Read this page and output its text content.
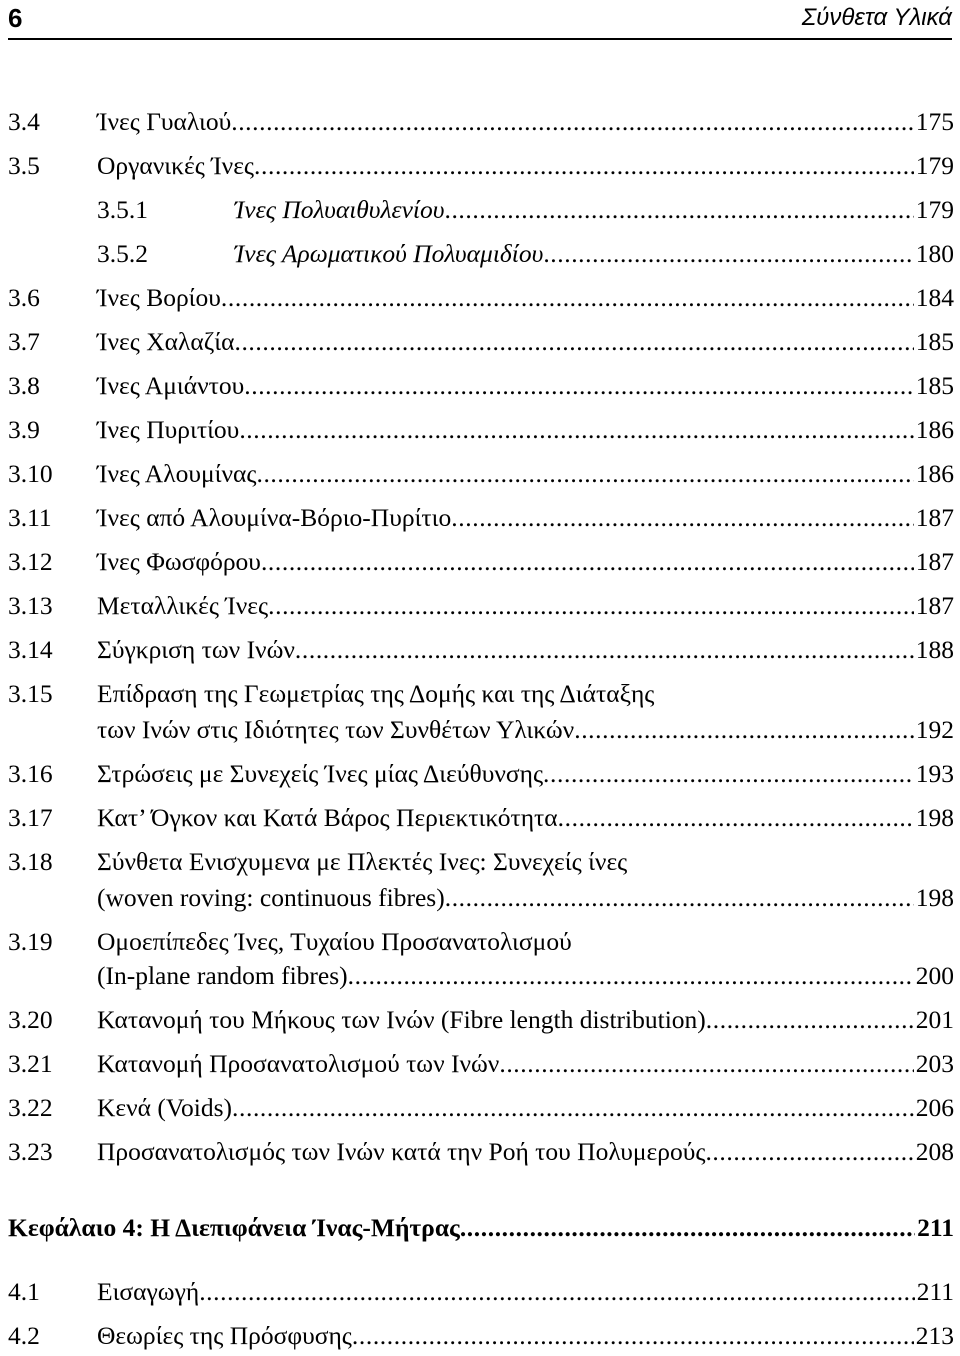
6	Σύνθετα Υλικά
3.4	Ίνες Γυαλιού .....	175
3.5	Οργανικές Ίνες .....	179
3.5.1	Ίνες Πολυαιθυλενίου .....	179
3.5.2	Ίνες Αρωματικού Πολυαμιδίου .....	180
3.6	Ίνες Βορίου .....	184
3.7	Ίνες Χαλαζία .....	185
3.8	Ίνες Αμιάντου .....	185
3.9	Ίνες Πυριτίου .....	186
3.10	Ίνες Αλουμίνας .....	186
3.11	Ίνες από Αλουμίνα-Βόριο-Πυρίτιο .....	187
3.12	Ίνες Φωσφόρου .....	187
3.13	Μεταλλικές Ίνες .....	187
3.14	Σύγκριση των Ινών .....	188
3.15	Επίδραση της Γεωμετρίας της Δομής και της Διάταξης
των Ινών στις Ιδιότητες των Συνθέτων Υλικών .....	192
3.16	Στρώσεις με Συνεχείς Ίνες μίας Διεύθυνσης .....	193
3.17	Κατ’ Όγκον και Κατά Βάρος Περιεκτικότητα .....	198
3.18	Σύνθετα Ενισχυμενα με Πλεκτές Ινες: Συνεχείς ίνες
(woven roving: continuous fibres) .....	198
3.19	Ομοεπίπεδες Ίνες, Τυχαίου Προσανατολισμού
(In-plane random fibres) .....	200
3.20	Κατανομή του Μήκους των Ινών (Fibre length distribution) .....	201
3.21	Κατανομή Προσανατολισμού των Ινών .....	203
3.22	Κενά (Voids) .....	206
3.23	Προσανατολισμός των Ινών κατά την Ροή του Πολυμερούς .....	208
Κεφάλαιο 4: Η Διεπιφάνεια Ίνας-Μήτρας .....	211
4.1	Εισαγωγή .....	211
4.2	Θεωρίες της Πρόσφυσης .....	213
